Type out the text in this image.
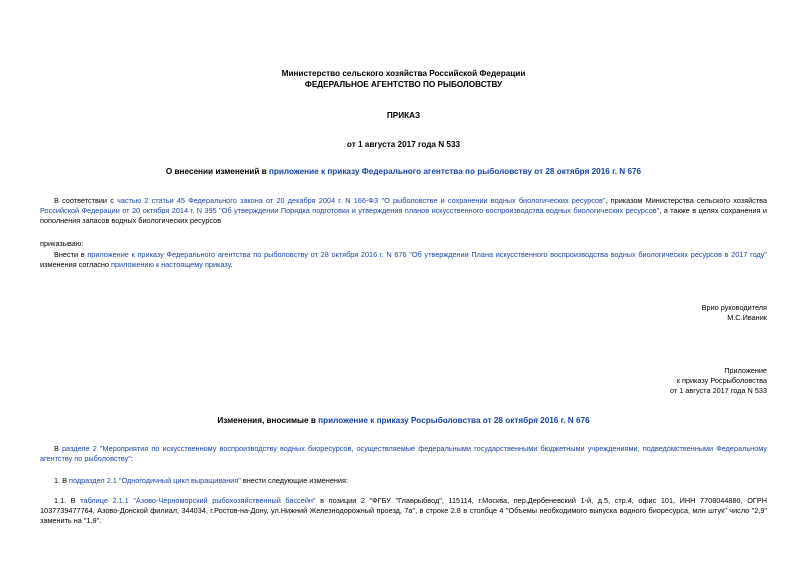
Министерство сельского хозяйства Российской Федерации
ФЕДЕРАЛЬНОЕ АГЕНТСТВО ПО РЫБОЛОВСТВУ
ПРИКАЗ
от 1 августа 2017 года N 533
О внесении изменений в приложение к приказу Федерального агентства по рыболовству от 28 октября 2016 г. N 676
В соответствии с частью 2 статьи 45 Федерального закона от 20 декабря 2004 г. N 166-ФЗ "О рыболовстве и сохранении водных биологических ресурсов", приказом Министерства сельского хозяйства Российской Федерации от 20 октября 2014 г. N 395 "Об утверждении Порядка подготовки и утверждения планов искусственного воспроизводства водных биологических ресурсов", а также в целях сохранения и пополнения запасов водных биологических ресурсов
приказываю:
Внести в приложение к приказу Федерального агентства по рыболовству от 28 октября 2016 г. N 676 "Об утверждении Плана искусственного воспроизводства водных биологических ресурсов в 2017 году" изменения согласно приложению к настоящему приказу.
Врио руководителя
М.С.Иваник
Приложение
к приказу Росрыболовства
от 1 августа 2017 года N 533
Изменения, вносимые в приложение к приказу Росрыболовства от 28 октября 2016 г. N 676
В разделе 2 "Мероприятия по искусственному воспроизводству водных биоресурсов, осуществляемые федеральными государственными бюджетными учреждениями, подведомственными Федеральному агентству по рыболовству":
1. В подраздел 2.1 "Одногодичный цикл выращивания" внести следующие изменения:
1.1. В таблице 2.1.1 "Азово-Черноморский рыбохозяйственный бассейн" в позиции 2 "ФГБУ "Главрыбвод", 115114, г.Москва, пер.Дербеневский 1-й, д.5, стр.4, офис 101, ИНН 7708044880, ОГРН 1037739477764, Азово-Донской филиал, 344034, г.Ростов-на-Дону, ул.Нижний Железнодорожный проезд, 7а", в строке 2.8 в столбце 4 "Объемы необходимого выпуска водного биоресурса, млн штук" число "2,9" заменить на "1,9".
